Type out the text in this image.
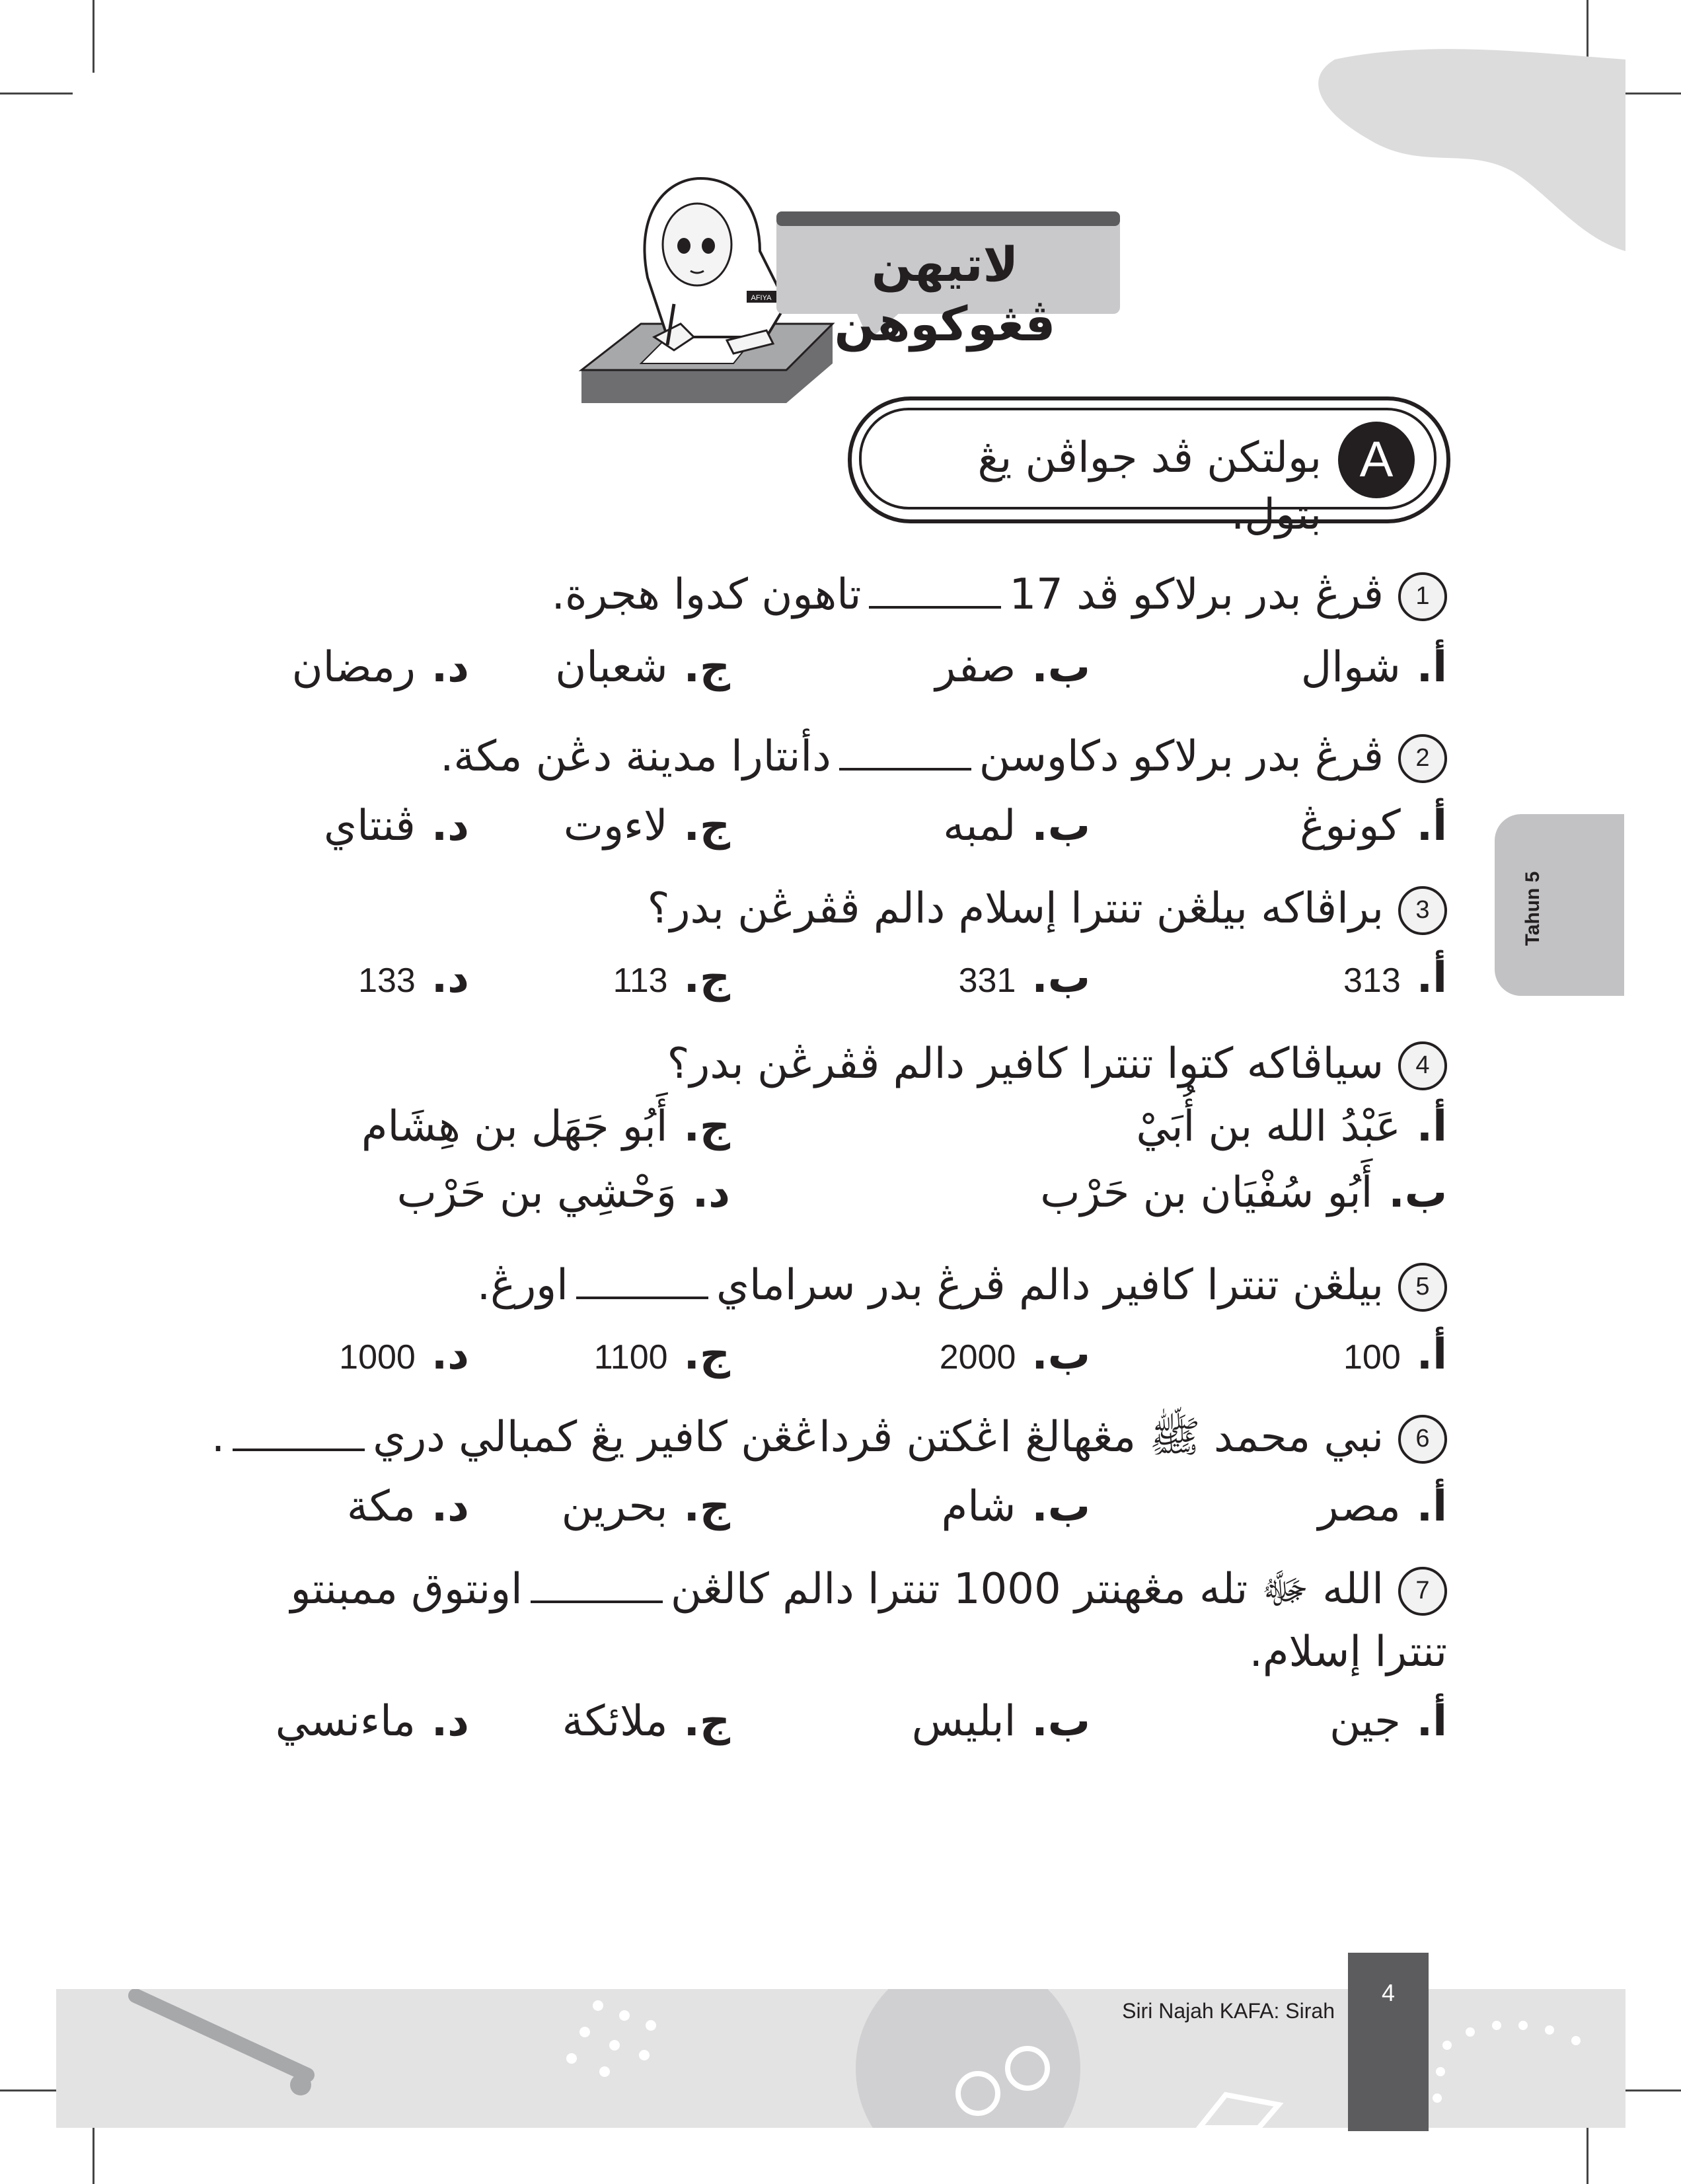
AFIYA
لاتيهن ڤڠوكوهن
A
بولتكن ڤد جواڤن يڠ بتول.
Tahun 5
1ڤرڠ بدر برلاكو ڤد 17تاهون كدوا هجرة.
أ.شوال
ب.صفر
ج.شعبان
د.رمضان
2ڤرڠ بدر برلاكو دكاوسندأنتارا مدينة دڠن مكة.
أ.كونوڠ
ب.لمبه
ج.لاءوت
د.ڤنتاي
3براڤاكه بيلڠن تنترا إسلام دالم ڤڤرڠن بدر؟
أ.313
ب.331
ج.113
د.133
4سياڤاكه كتوا تنترا كافير دالم ڤڤرڠن بدر؟
أ.عَبْدُ الله بن أُبَيْ
ب.أَبُو سُفْيَان بن حَرْب
ج.أَبُو جَهَل بن هِشَام
د.وَحْشِي بن حَرْب
5بيلڠن تنترا كافير دالم ڤرڠ بدر سراماياورڠ.
أ.100
ب.2000
ج.1100
د.1000
6نبي محمد ﷺ مڠهالڠ اڠكتن ڤرداڠڠن كافير يڠ كمبالي دري.
أ.مصر
ب.شام
ج.بحرين
د.مكة
7الله ﷻ تله مڠهنتر 1000 تنترا دالم كالڠناونتوق ممبنتو
تنترا إسلام.
أ.جين
ب.ابليس
ج.ملائكة
د.ماءنسي
4
Siri Najah KAFA: Sirah
